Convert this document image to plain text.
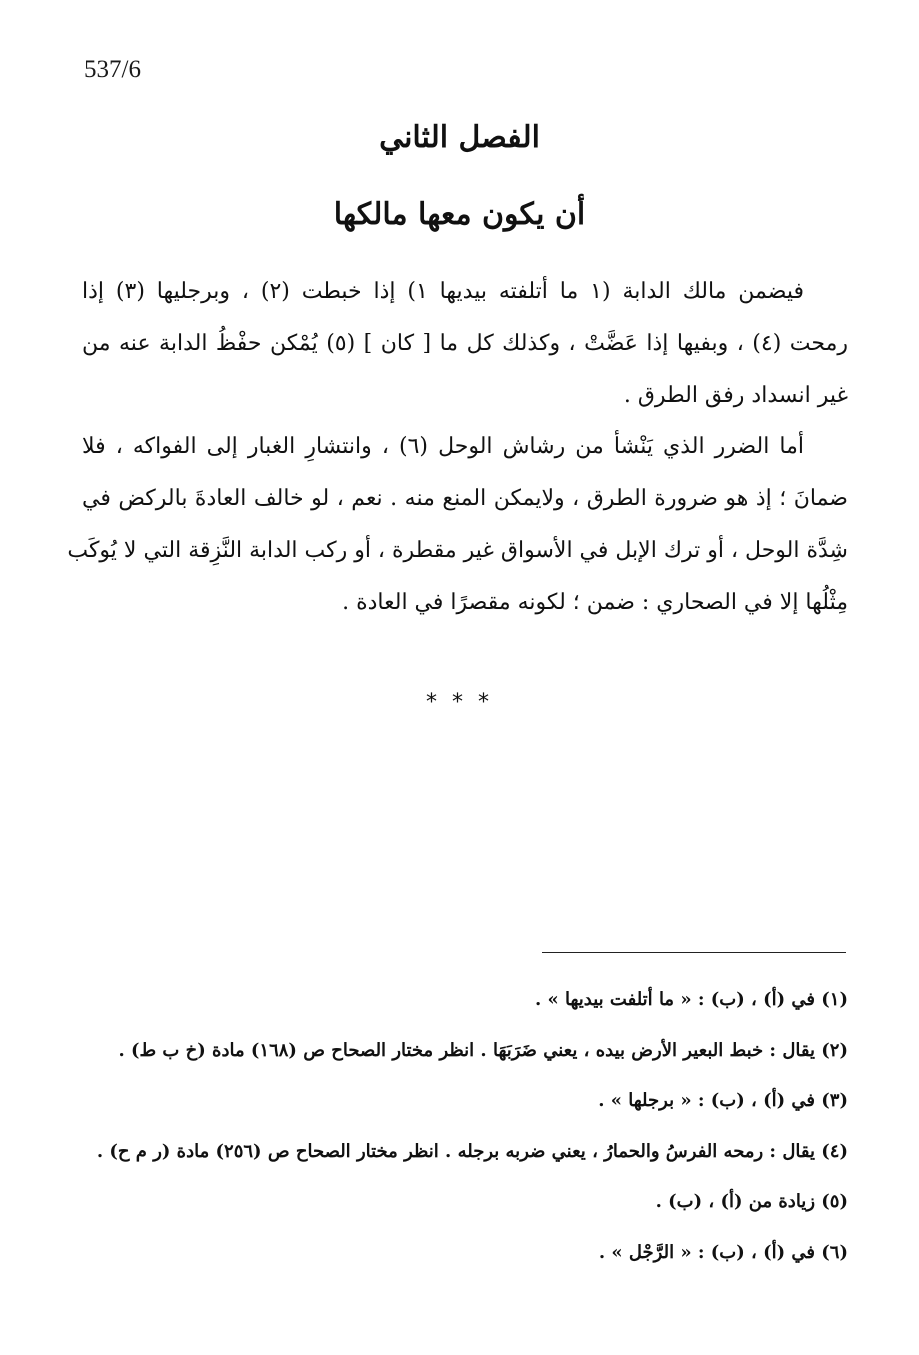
537/6
الفصل الثاني
أن يكون معها مالكها
فيضمن مالك الدابة (١ ما أتلفته بيديها ١) إذا خبطت (٢) ، وبرجليها (٣) إذا
رمحت (٤) ، وبفيها إذا عَضَّتْ ، وكذلك كل ما [ كان ] (٥) يُمْكن حفْظُ الدابة عنه من
غير انسداد رفق الطرق .
أما الضرر الذي يَنْشأ من رشاش الوحل (٦) ، وانتشارِ الغبار إلى الفواكه ، فلا
ضمانَ ؛ إذ هو ضرورة الطرق ، ولايمكن المنع منه . نعم ، لو خالف العادةَ بالركض في
شِدَّة الوحل ، أو ترك الإبل في الأسواق غير مقطرة ، أو ركب الدابة النَّزِقة التي لا يُوكَب
مِثْلُها إلا في الصحاري : ضمن ؛ لكونه مقصرًا في العادة .
* * *
(١) في (أ) ، (ب) : « ما أتلفت بيديها » .
(٢) يقال : خبط البعير الأرض بيده ، يعني ضَرَبَهَا . انظر مختار الصحاح ص (١٦٨) مادة (خ ب ط) .
(٣) في (أ) ، (ب) : « برجلها » .
(٤) يقال : رمحه الفرسُ والحمارُ ، يعني ضربه برجله . انظر مختار الصحاح ص (٢٥٦) مادة (ر م ح) .
(٥) زيادة من (أ) ، (ب) .
(٦) في (أ) ، (ب) : « الرَّجْل » .
